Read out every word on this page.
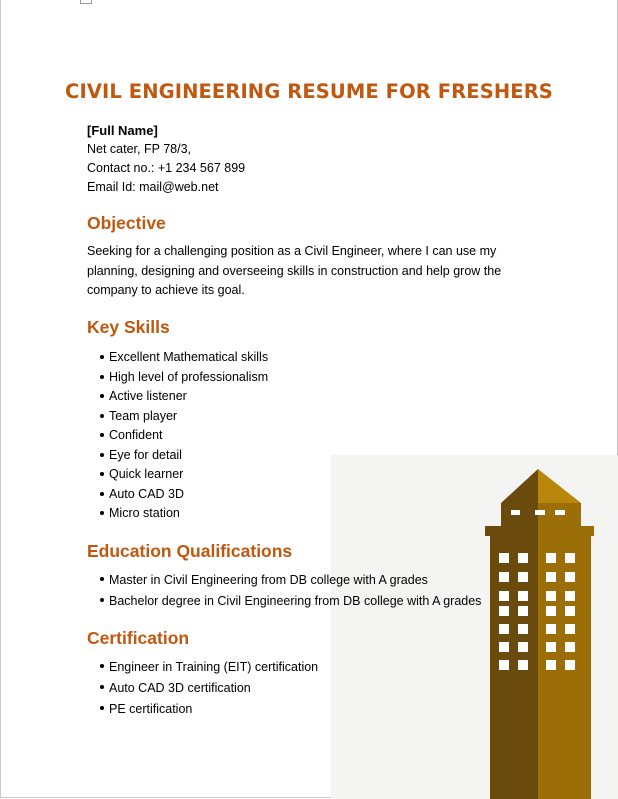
CIVIL ENGINEERING RESUME FOR FRESHERS
[Full Name]
Net cater, FP 78/3,
Contact no.: +1 234 567 899
Email Id: mail@web.net
Objective
Seeking for a challenging position as a Civil Engineer, where I can use my planning, designing and overseeing skills in construction and help grow the company to achieve its goal.
Key Skills
Excellent Mathematical skills
High level of professionalism
Active listener
Team player
Confident
Eye for detail
Quick learner
Auto CAD 3D
Micro station
Education Qualifications
Master in Civil Engineering from DB college with A grades
Bachelor degree in Civil Engineering from DB college with A grades
Certification
Engineer in Training (EIT) certification
Auto CAD 3D certification
PE certification
